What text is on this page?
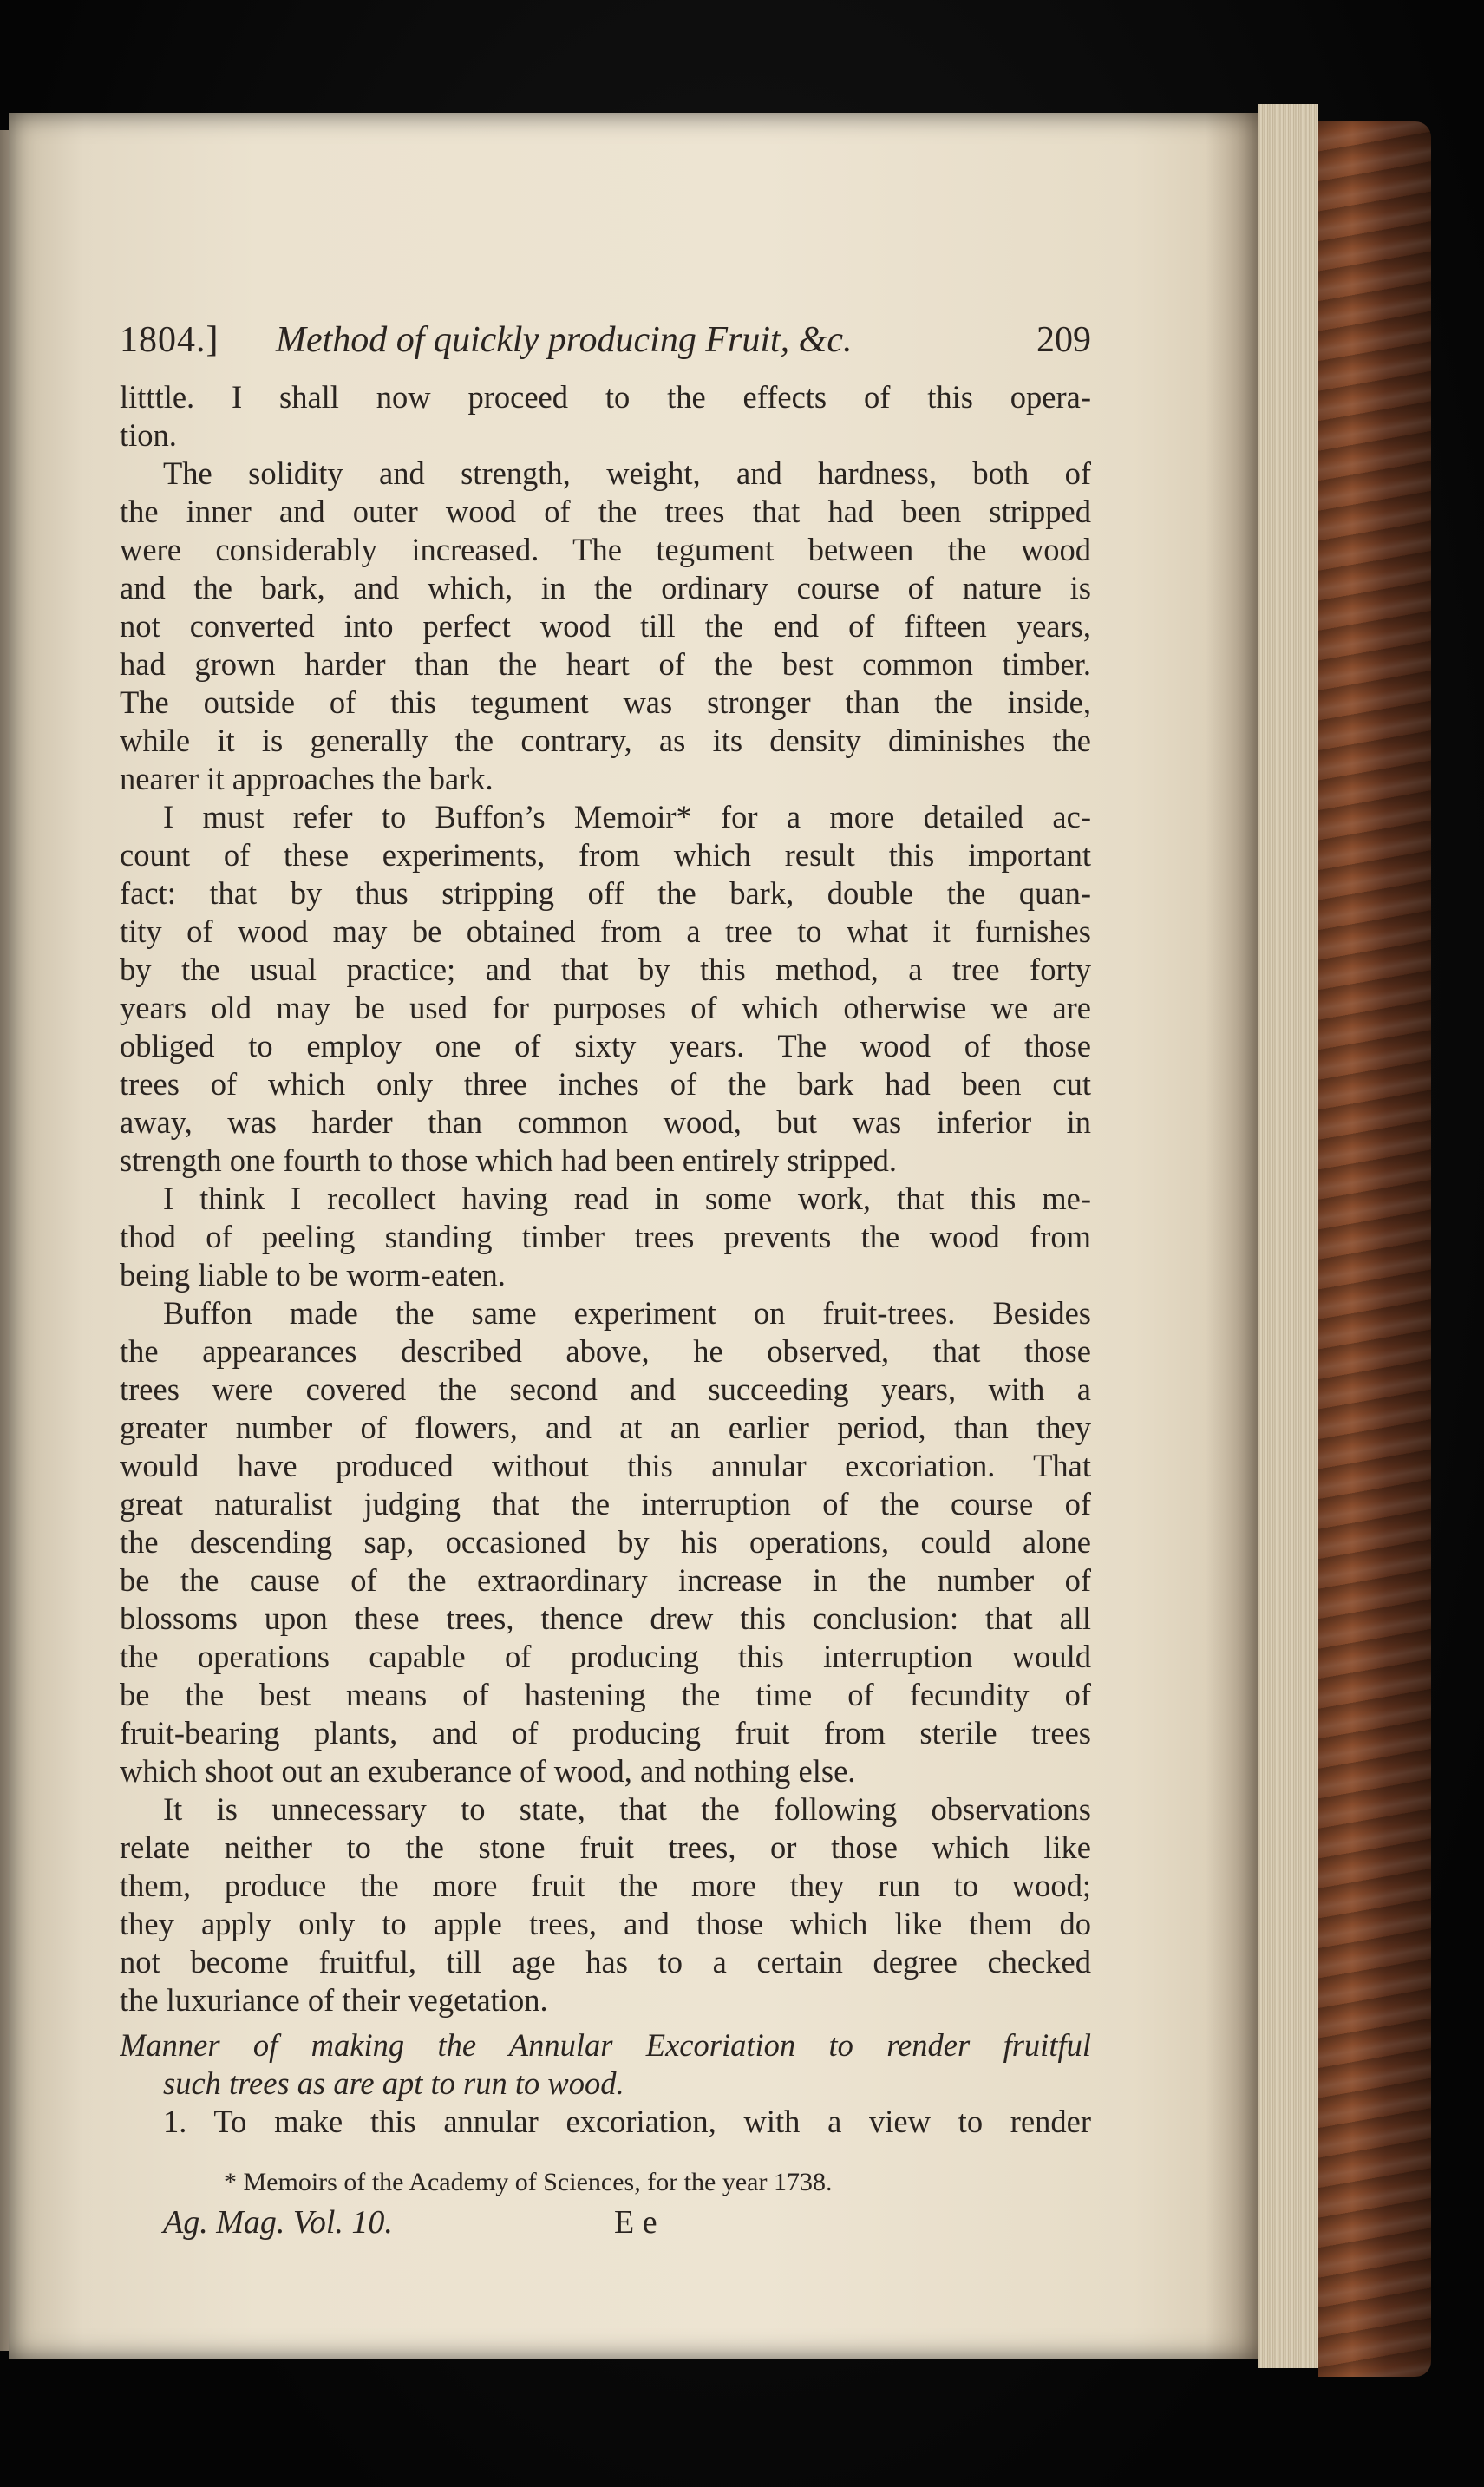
1804.] Method of quickly producing Fruit, &c.	209
litttle. I shall now proceed to the effects of this opera-
tion.
The solidity and strength, weight, and hardness, both of
the inner and outer wood of the trees that had been stripped
were considerably increased. The tegument between the wood
and the bark, and which, in the ordinary course of nature is
not converted into perfect wood till the end of fifteen years,
had grown harder than the heart of the best common timber.
The outside of this tegument was stronger than the inside,
while it is generally the contrary, as its density diminishes the
nearer it approaches the bark.
I must refer to Buffon’s Memoir* for a more detailed ac-
count of these experiments, from which result this important
fact: that by thus stripping off the bark, double the quan-
tity of wood may be obtained from a tree to what it furnishes
by the usual practice; and that by this method, a tree forty
years old may be used for purposes of which otherwise we are
obliged to employ one of sixty years. The wood of those
trees of which only three inches of the bark had been cut
away, was harder than common wood, but was inferior in
strength one fourth to those which had been entirely stripped.
I think I recollect having read in some work, that this me-
thod of peeling standing timber trees prevents the wood from
being liable to be worm-eaten.
Buffon made the same experiment on fruit-trees. Besides
the appearances described above, he observed, that those
trees were covered the second and succeeding years, with a
greater number of flowers, and at an earlier period, than they
would have produced without this annular excoriation. That
great naturalist judging that the interruption of the course of
the descending sap, occasioned by his operations, could alone
be the cause of the extraordinary increase in the number of
blossoms upon these trees, thence drew this conclusion: that all
the operations capable of producing this interruption would
be the best means of hastening the time of fecundity of
fruit-bearing plants, and of producing fruit from sterile trees
which shoot out an exuberance of wood, and nothing else.
It is unnecessary to state, that the following observations
relate neither to the stone fruit trees, or those which like
them, produce the more fruit the more they run to wood;
they apply only to apple trees, and those which like them do
not become fruitful, till age has to a certain degree checked
the luxuriance of their vegetation.
Manner of making the Annular Excoriation to render fruitful
such trees as are apt to run to wood.
1. To make this annular excoriation, with a view to render
* Memoirs of the Academy of Sciences, for the year 1738.
Ag. Mag. Vol. 10.	E e
